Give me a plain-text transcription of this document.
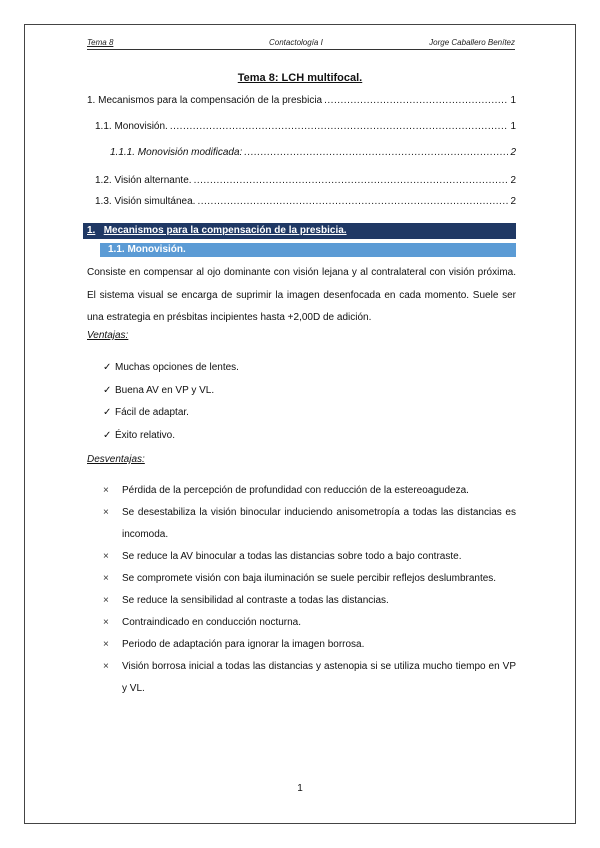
Tema 8	Contactología I	Jorge Caballero Benítez
Tema 8: LCH multifocal.
1. Mecanismos para la compensación de la presbicia .....	1
1.1. Monovisión. .....	1
1.1.1. Monovisión modificada: .....	2
1.2. Visión alternante. .....	2
1.3. Visión simultánea. .....	2
1. Mecanismos para la compensación de la presbicia.
1.1. Monovisión.
Consiste en compensar al ojo dominante con visión lejana y al contralateral con visión próxima. El sistema visual se encarga de suprimir la imagen desenfocada en cada momento. Suele ser una estrategia en présbitas incipientes hasta +2,00D de adición.
Ventajas:
✓ Muchas opciones de lentes.
✓ Buena AV en VP y VL.
✓ Fácil de adaptar.
✓ Éxito relativo.
Desventajas:
×	Pérdida de la percepción de profundidad con reducción de la estereoagudeza.
×	Se desestabiliza la visión binocular induciendo anisometropía a todas las distancias es incomoda.
×	Se reduce la AV binocular a todas las distancias sobre todo a bajo contraste.
×	Se compromete visión con baja iluminación se suele percibir reflejos deslumbrantes.
×	Se reduce la sensibilidad al contraste a todas las distancias.
×	Contraindicado en conducción nocturna.
×	Periodo de adaptación para ignorar la imagen borrosa.
×	Visión borrosa inicial a todas las distancias y astenopia si se utiliza mucho tiempo en VP y VL.
1
